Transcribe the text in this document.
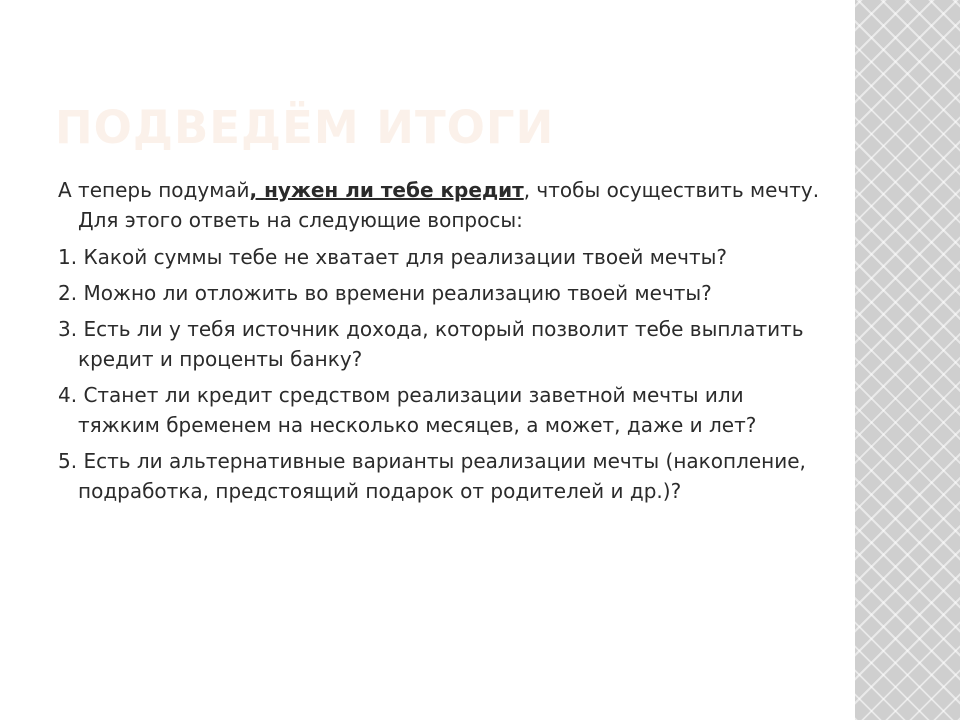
ПОДВЕДЁМ ИТОГИ

А теперь подумай, нужен ли тебе кредит, чтобы осуществить мечту. Для этого ответь на следующие вопросы:

1. Какой суммы тебе не хватает для реализации твоей мечты?

2. Можно ли отложить во времени реализацию твоей мечты?

3. Есть ли у тебя источник дохода, который позволит тебе выплатить кредит и проценты банку?

4. Станет ли кредит средством реализации заветной мечты или тяжким бременем на несколько месяцев, а может, даже и лет?

5. Есть ли альтернативные варианты реализации мечты (накопление, подработка, предстоящий подарок от родителей и др.)?
